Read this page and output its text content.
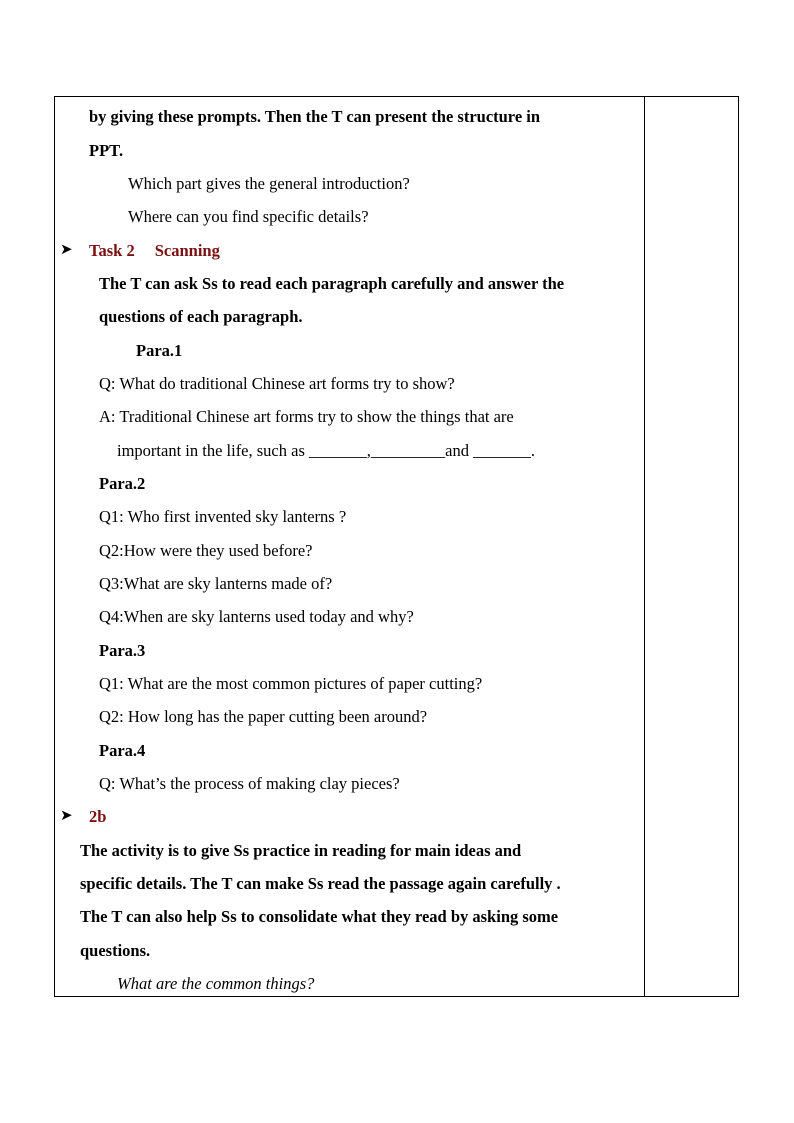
by giving these prompts. Then the T can present the structure in
PPT.
Which part gives the general introduction?
Where can you find specific details?
➤ Task 2 Scanning
The T can ask Ss to read each paragraph carefully and answer the
questions of each paragraph.
Para.1
Q: What do traditional Chinese art forms try to show?
A: Traditional Chinese art forms try to show the things that are
important in the life, such as _______,_________and _______.
Para.2
Q1: Who first invented sky lanterns ?
Q2:How were they used before?
Q3:What are sky lanterns made of?
Q4:When are sky lanterns used today and why?
Para.3
Q1: What are the most common pictures of paper cutting?
Q2: How long has the paper cutting been around?
Para.4
Q: What’s the process of making clay pieces?
➤ 2b
The activity is to give Ss practice in reading for main ideas and
specific details. The T can make Ss read the passage again carefully .
The T can also help Ss to consolidate what they read by asking some
questions.
What are the common things?
